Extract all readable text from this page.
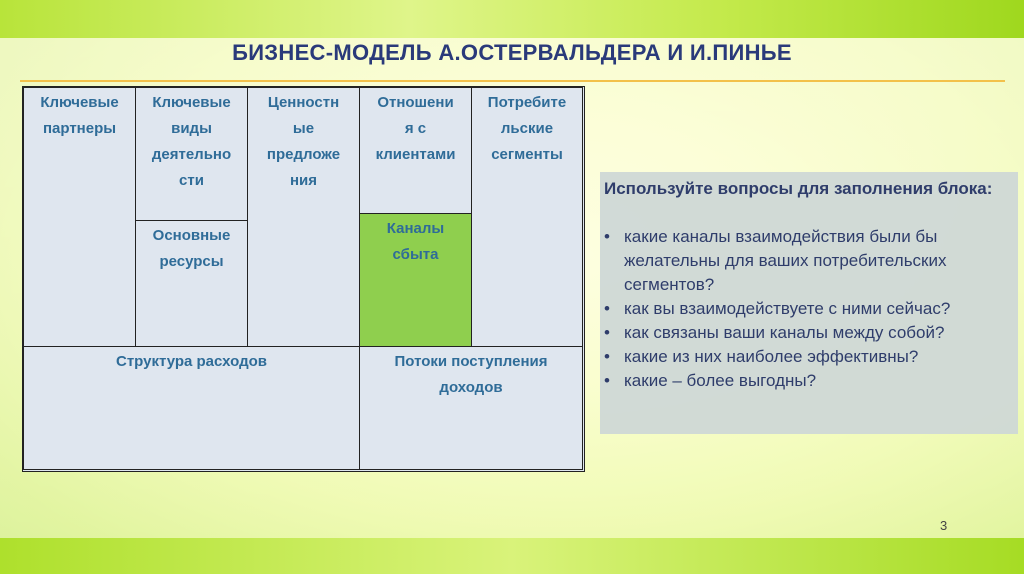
БИЗНЕС-МОДЕЛЬ А.ОСТЕРВАЛЬДЕРА И И.ПИНЬЕ
Ключевые
партнеры
Ключевые
виды
деятельно
сти
Основные
ресурсы
Ценностн
ые
предложе
ния
Отношени
я с
клиентами
Каналы
сбыта
Потребите
льские
сегменты
Структура расходов	Потоки поступления
доходов
Используйте вопросы для заполнения блока:
• какие каналы взаимодействия были бы желательны для ваших потребительских сегментов?
• как вы взаимодействуете с ними сейчас?
• как связаны ваши каналы между собой?
• какие из них наиболее эффективны?
• какие – более выгодны?
3
